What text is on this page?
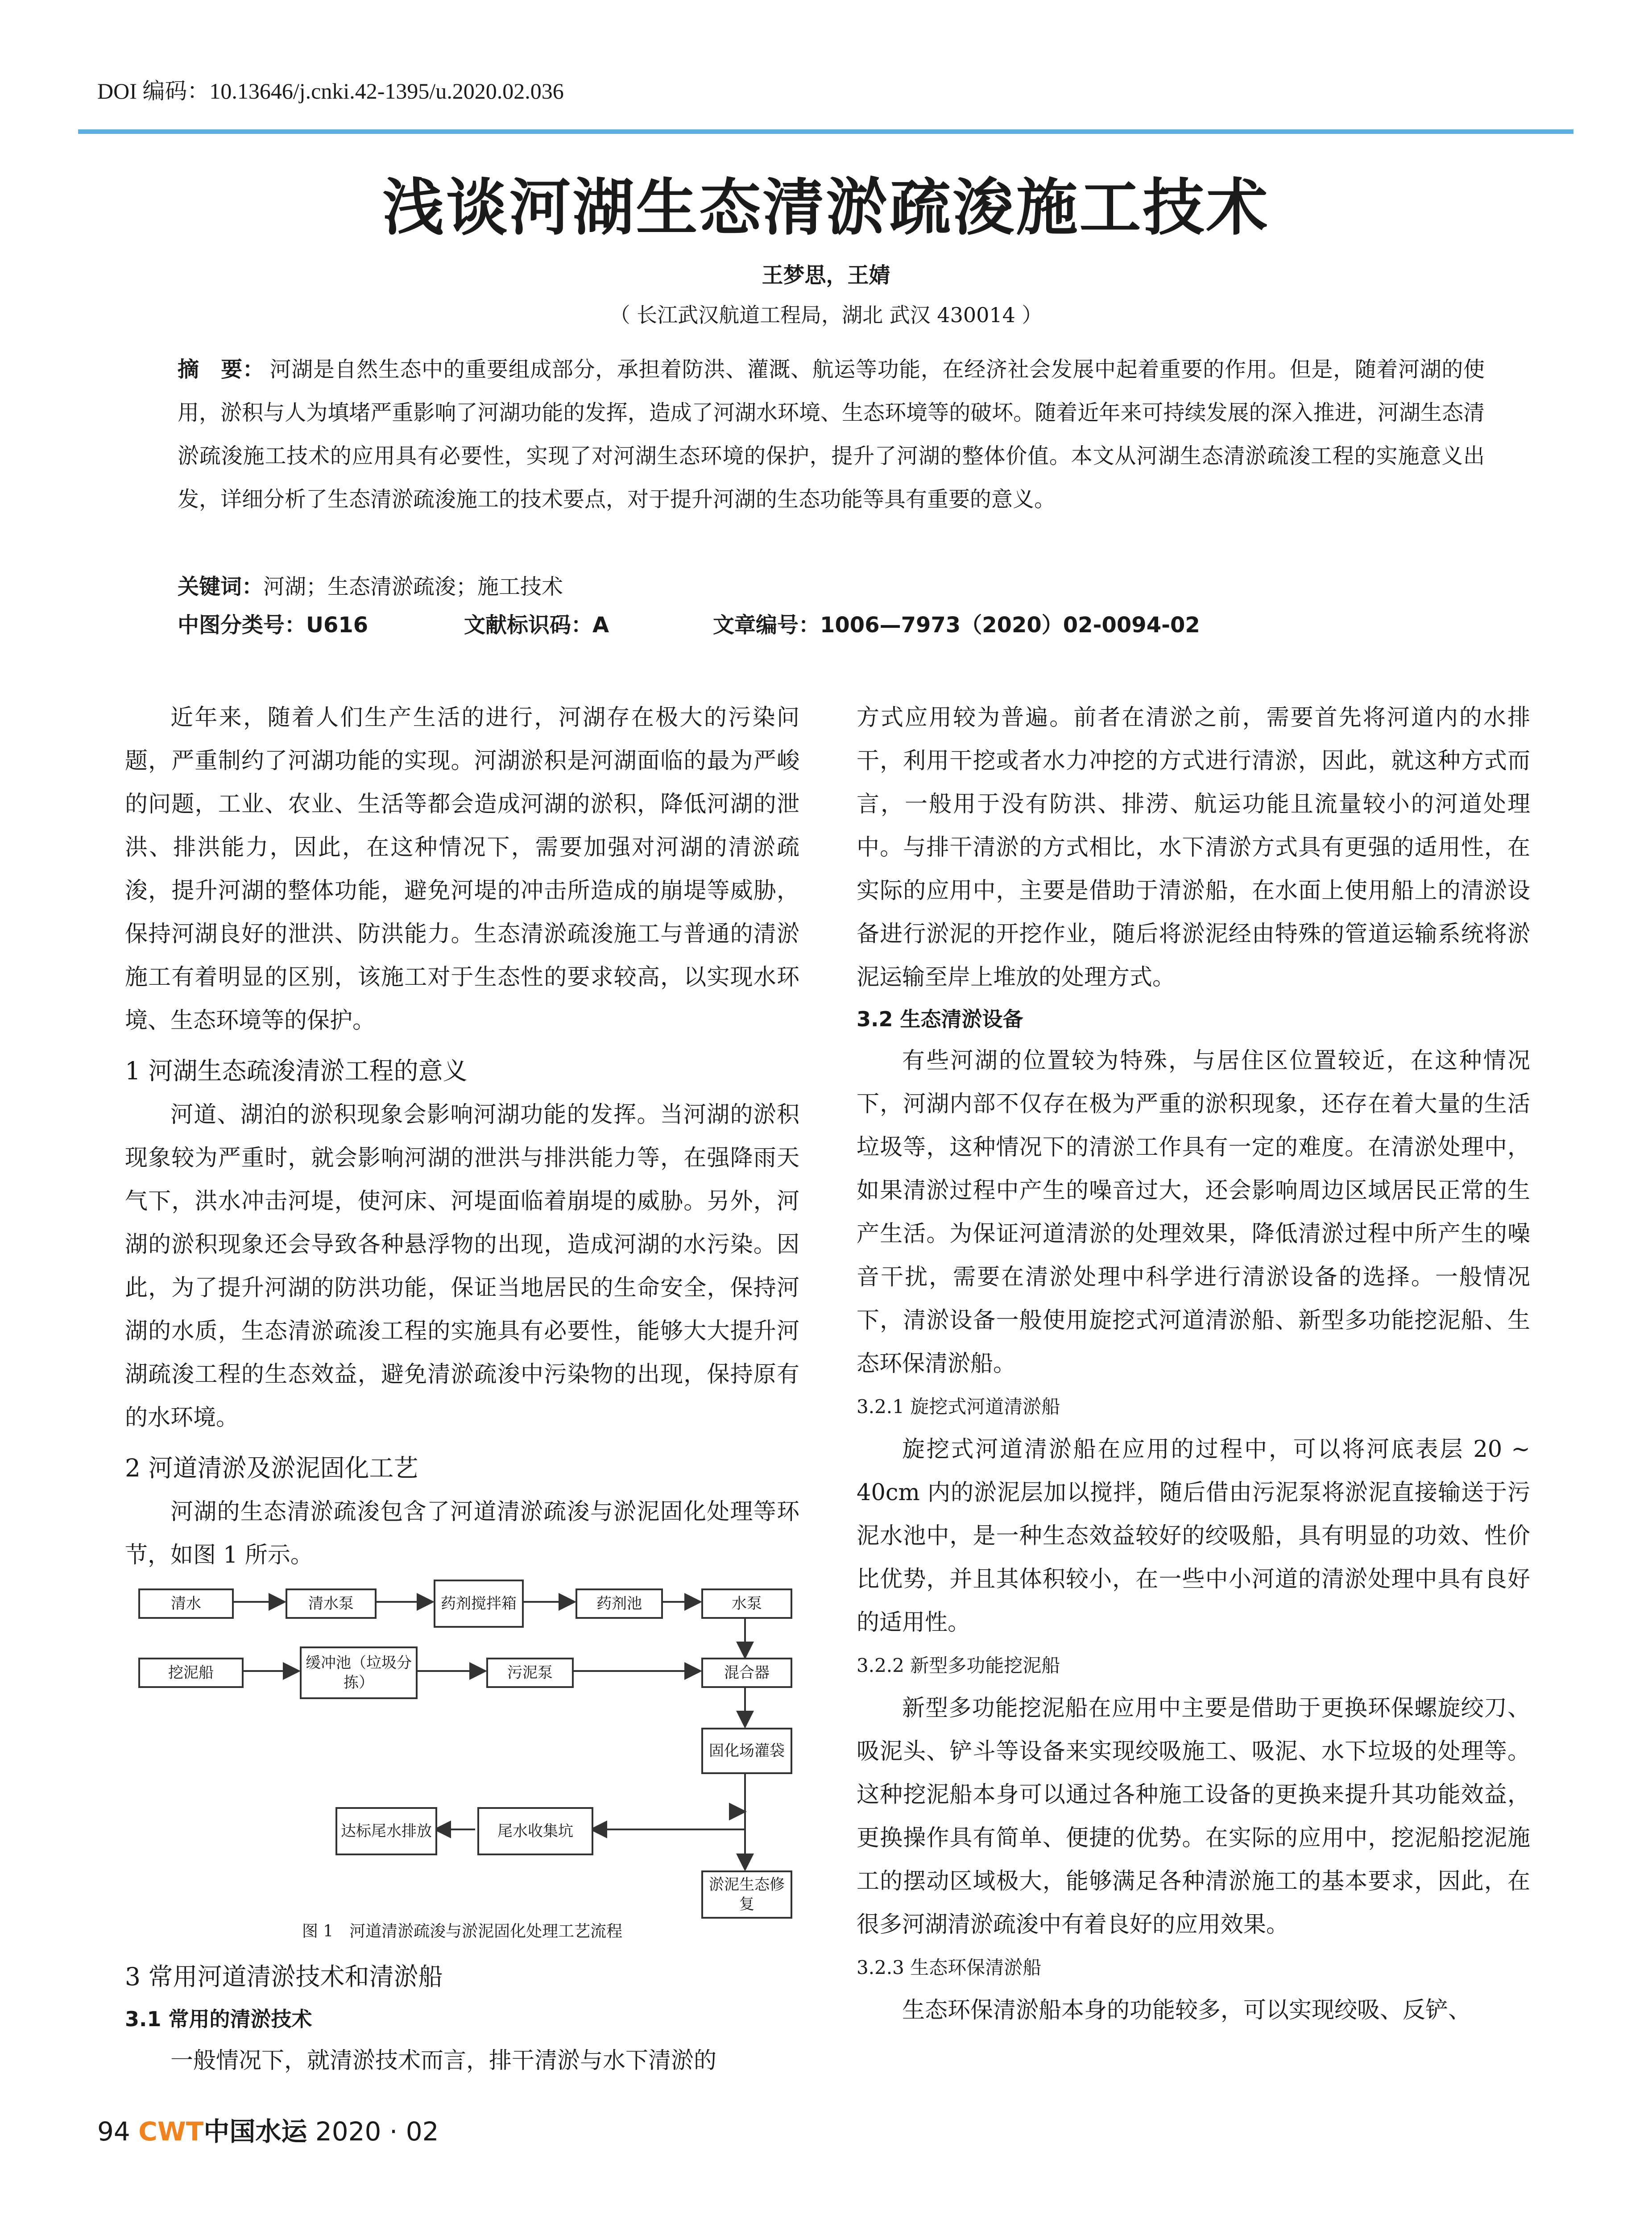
DOI 编码：10.13646/j.cnki.42-1395/u.2020.02.036
浅谈河湖生态清淤疏浚施工技术
王梦思，王婧
（ 长江武汉航道工程局，湖北 武汉 430014 ）
摘　要： 河湖是自然生态中的重要组成部分，承担着防洪、灌溉、航运等功能，在经济社会发展中起着重要的作用。但是，随着河湖的使用，淤积与人为填堵严重影响了河湖功能的发挥，造成了河湖水环境、生态环境等的破坏。随着近年来可持续发展的深入推进，河湖生态清淤疏浚施工技术的应用具有必要性，实现了对河湖生态环境的保护，提升了河湖的整体价值。本文从河湖生态清淤疏浚工程的实施意义出发，详细分析了生态清淤疏浚施工的技术要点，对于提升河湖的生态功能等具有重要的意义。
关键词：河湖；生态清淤疏浚；施工技术
中图分类号：U616	文献标识码：A	文章编号：1006—7973（2020）02-0094-02

近年来，随着人们生产生活的进行，河湖存在极大的污染问题，严重制约了河湖功能的实现。河湖淤积是河湖面临的最为严峻的问题，工业、农业、生活等都会造成河湖的淤积，降低河湖的泄洪、排洪能力，因此，在这种情况下，需要加强对河湖的清淤疏浚，提升河湖的整体功能，避免河堤的冲击所造成的崩堤等威胁，保持河湖良好的泄洪、防洪能力。生态清淤疏浚施工与普通的清淤施工有着明显的区别，该施工对于生态性的要求较高，以实现水环境、生态环境等的保护。

1 河湖生态疏浚清淤工程的意义

河道、湖泊的淤积现象会影响河湖功能的发挥。当河湖的淤积现象较为严重时，就会影响河湖的泄洪与排洪能力等，在强降雨天气下，洪水冲击河堤，使河床、河堤面临着崩堤的威胁。另外，河湖的淤积现象还会导致各种悬浮物的出现，造成河湖的水污染。因此，为了提升河湖的防洪功能，保证当地居民的生命安全，保持河湖的水质，生态清淤疏浚工程的实施具有必要性，能够大大提升河湖疏浚工程的生态效益，避免清淤疏浚中污染物的出现，保持原有的水环境。

2 河道清淤及淤泥固化工艺

河湖的生态清淤疏浚包含了河道清淤疏浚与淤泥固化处理等环节，如图 1 所示。

清水	清水泵	药剂搅拌箱	药剂池	水泵
挖泥船
缓冲池（垃圾分拣）
污泥泵	混合器
固化场灌袋
达标尾水排放	尾水收集坑
淤泥生态修复
图 1　河道清淤疏浚与淤泥固化处理工艺流程
3 常用河道清淤技术和清淤船
3.1 常用的清淤技术

一般情况下，就清淤技术而言，排干清淤与水下清淤的

方式应用较为普遍。前者在清淤之前，需要首先将河道内的水排干，利用干挖或者水力冲挖的方式进行清淤，因此，就这种方式而言，一般用于没有防洪、排涝、航运功能且流量较小的河道处理中。与排干清淤的方式相比，水下清淤方式具有更强的适用性，在实际的应用中，主要是借助于清淤船，在水面上使用船上的清淤设备进行淤泥的开挖作业，随后将淤泥经由特殊的管道运输系统将淤泥运输至岸上堆放的处理方式。

3.2 生态清淤设备

有些河湖的位置较为特殊，与居住区位置较近，在这种情况下，河湖内部不仅存在极为严重的淤积现象，还存在着大量的生活垃圾等，这种情况下的清淤工作具有一定的难度。在清淤处理中，如果清淤过程中产生的噪音过大，还会影响周边区域居民正常的生产生活。为保证河道清淤的处理效果，降低清淤过程中所产生的噪音干扰，需要在清淤处理中科学进行清淤设备的选择。一般情况下，清淤设备一般使用旋挖式河道清淤船、新型多功能挖泥船、生态环保清淤船。

3.2.1 旋挖式河道清淤船

旋挖式河道清淤船在应用的过程中，可以将河底表层 20 ~ 40cm 内的淤泥层加以搅拌，随后借由污泥泵将淤泥直接输送于污泥水池中，是一种生态效益较好的绞吸船，具有明显的功效、性价比优势，并且其体积较小，在一些中小河道的清淤处理中具有良好的适用性。

3.2.2 新型多功能挖泥船

新型多功能挖泥船在应用中主要是借助于更换环保螺旋绞刀、吸泥头、铲斗等设备来实现绞吸施工、吸泥、水下垃圾的处理等。这种挖泥船本身可以通过各种施工设备的更换来提升其功能效益，更换操作具有简单、便捷的优势。在实际的应用中，挖泥船挖泥施工的摆动区域极大，能够满足各种清淤施工的基本要求，因此，在很多河湖清淤疏浚中有着良好的应用效果。

3.2.3 生态环保清淤船

生态环保清淤船本身的功能较多，可以实现绞吸、反铲、

94 CWT中国水运 2020 · 02
